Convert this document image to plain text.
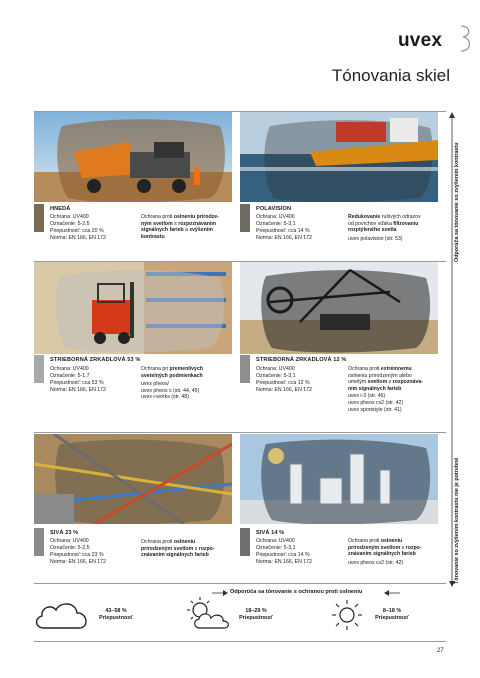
uvex
Tónovania skiel
HNEDÁ
Ochrana: UV400
Označenie: 5-2,5
Priepustnosť: cca 20 %
Norma: EN 166, EN 172
Ochrana proti oslneniu prírodze-
ným svetlom s rozpoznávaním
signálnych farieb a zvýšením
kontrastu
POLAVISION
Ochrana: UV400
Označenie: 5-3,1
Priepustnosť: cca 14 %
Norma: EN 166, EN 172
Redukovanie rušivých odrazov
od povrchov vďaka filtrovaniu
rozptýleného svetla
uvex polavision (str. 53)
STRIEBORNÁ ZRKADLOVÁ 53 %
Ochrana: UV400
Označenie: 5-1,7
Priepustnosť: cca 53 %
Norma: EN 166, EN 172
Ochrana pri premenlivých
svetelných podmienkach
uvex pheos/
uvex pheos s (str. 44, 45)
uvex i-works (str. 48)
STRIEBORNÁ ZRKADLOVÁ 12 %
Ochrana: UV400
Označenie: 5-3,1
Priepustnosť: cca 12 %
Norma: EN 166, EN 172
Ochrana proti extrémnemu
oslneniu prírodzeným alebo
umelým svetlom s rozpoznáva-
ním signálnych farieb
uvex i-3 (str. 46)
uvex pheos cx2 (str. 42)
uvex sportstyle (str. 41)
SIVÁ 23 %
Ochrana: UV400
Označenie: 5-2,5
Priepustnosť: cca 23 %
Norma: EN 166, EN 172
Ochrana proti oslneniu
prírodzeným svetlom s rozpo-
znávaním signálnych farieb
SIVÁ 14 %
Ochrana: UV400
Označenie: 5-3,1
Priepustnosť: cca 14 %
Norma: EN 166, EN 172
Ochrana proti oslneniu
prírodzeným svetlom s rozpo-
znávaním signálnych farieb
uvex pheos cx2 (str. 42)
Odporúča sa tónovanie so zvýšením kontrastu
Tónovanie so zvýšením kontrastu nie je potrebné
Odporúča sa tónovanie s ochranou proti oslneniu
43–58 %
Priepustnosť
18–29 %
Priepustnosť
8–18 %
Priepustnosť
27
